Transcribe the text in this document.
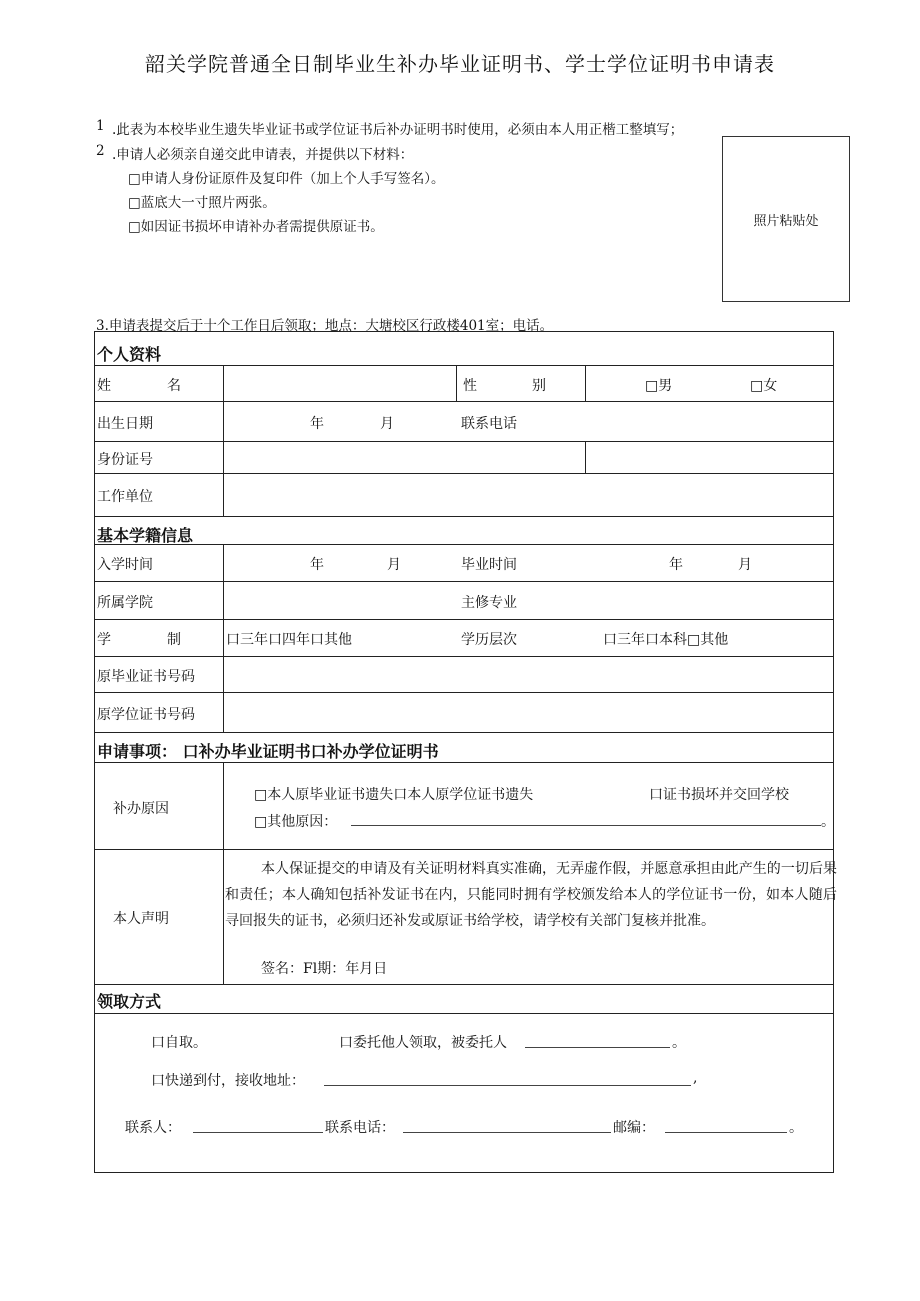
韶关学院普通全日制毕业生补办毕业证明书、学士学位证明书申请表
1 .此表为本校毕业生遗失毕业证书或学位证书后补办证明书时使用，必须由本人用正楷工整填写；
2 .申请人必须亲自递交此申请表，并提供以下材料：
□申请人身份证原件及复印件（加上个人手写签名）。
□蓝底大一寸照片两张。
□如因证书损坏申请补办者需提供原证书。	照片粘贴处
3.申请表提交后于十个工作日后领取；地点：大塘校区行政楼401室；电话。
个人资料
姓	名	性	别	□男	□女
出生日期	年	月	联系电话
身份证号
工作单位
基本学籍信息
入学时间	年	月	毕业时间	年	月
所属学院	主修专业
学	制	口三年口四年口其他	学历层次	口三年口本科□其他
原毕业证书号码
原学位证书号码
申请事项： 口补办毕业证明书口补办学位证明书
补办原因
□本人原毕业证书遗失口本人原学位证书遗失	口证书损坏并交回学校
□其他原因：	。
本人声明
本人保证提交的申请及有关证明材料真实准确，无弄虚作假，并愿意承担由此产生的一切后果和责任；本人确知包括补发证书在内，只能同时拥有学校颁发给本人的学位证书一份，如本人随后寻回报失的证书，必须归还补发或原证书给学校，请学校有关部门复核并批准。
签名：Fl期：年月日
领取方式
口自取。	口委托他人领取，被委托人	。
口快递到付，接收地址：	,
联系人：	联系电话：	邮编：	。
